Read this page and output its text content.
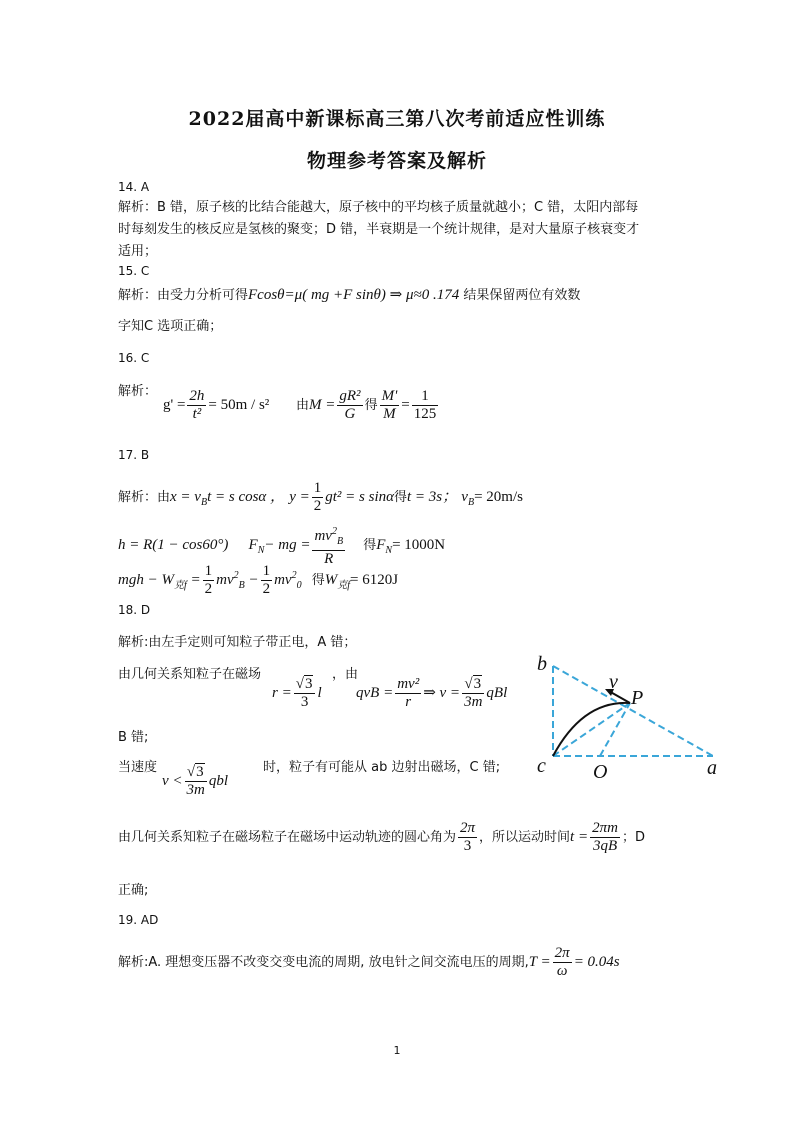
2022届高中新课标高三第八次考前适应性训练
物理参考答案及解析
14. A
解析：B 错，原子核的比结合能越大，原子核中的平均核子质量就越小；C 错，太阳内部每
时每刻发生的核反应是氢核的聚变；D 错，半衰期是一个统计规律，是对大量原子核衰变才
适用；
15. C
解析：由受力分析可得Fcosθ=μ( mg +F sinθ) ⇒ μ≈0 .174 结果保留两位有效数
字知C 选项正确；
16. C
解析：
$g' = \frac{2h}{\text{t²}} = 50m / s^2$ 由$M = \frac{\text{gR²}}{G}$ 得 $\frac{M'}{M} = \frac{1}{125}$
17. B
解析：由$x = v_Bt = s$ cosα ， $y = \frac{1}{2} gt^2 = s$ sinα得t = 3s； $v_B= 20m/s$
h = R(1 − cos60°) $F_N-$ mg = $\frac{mv^2_B}{R}$ 得$F_N= 1000N$
mgh − $W_{克f} = \frac{1}{2} mv^2_B - \frac{1}{2} mv^2_0$ 得$W_{克f}= 6120J$
18. D
解析:由左手定则可知粒子带正电，A 错；
由几何关系知粒子在磁场
$r = \frac{√3}{3}$ l
，由
qvB = $\frac{\text{mv²}}{r}$ ⇒ $v = \frac{√3}{3m}$ qBl
B 错;
当速度
$v < \frac{√3}{3m}$ qbl
时，粒子有可能从 ab 边射出磁场，C 错;
由几何关系知粒子在磁场粒子在磁场中运动轨迹的圆心角为 $\frac{2\pi}{3}$ ，所以运动时间$t = \frac{2\pi m}{3qB}$ ；D
正确;
b
c O	a
P
v
19. AD
解析:A. 理想变压器不改变交变电流的周期, 放电针之间交流电压的周期$,T = \frac{2\pi}{\omega} = 0.04s$
1
